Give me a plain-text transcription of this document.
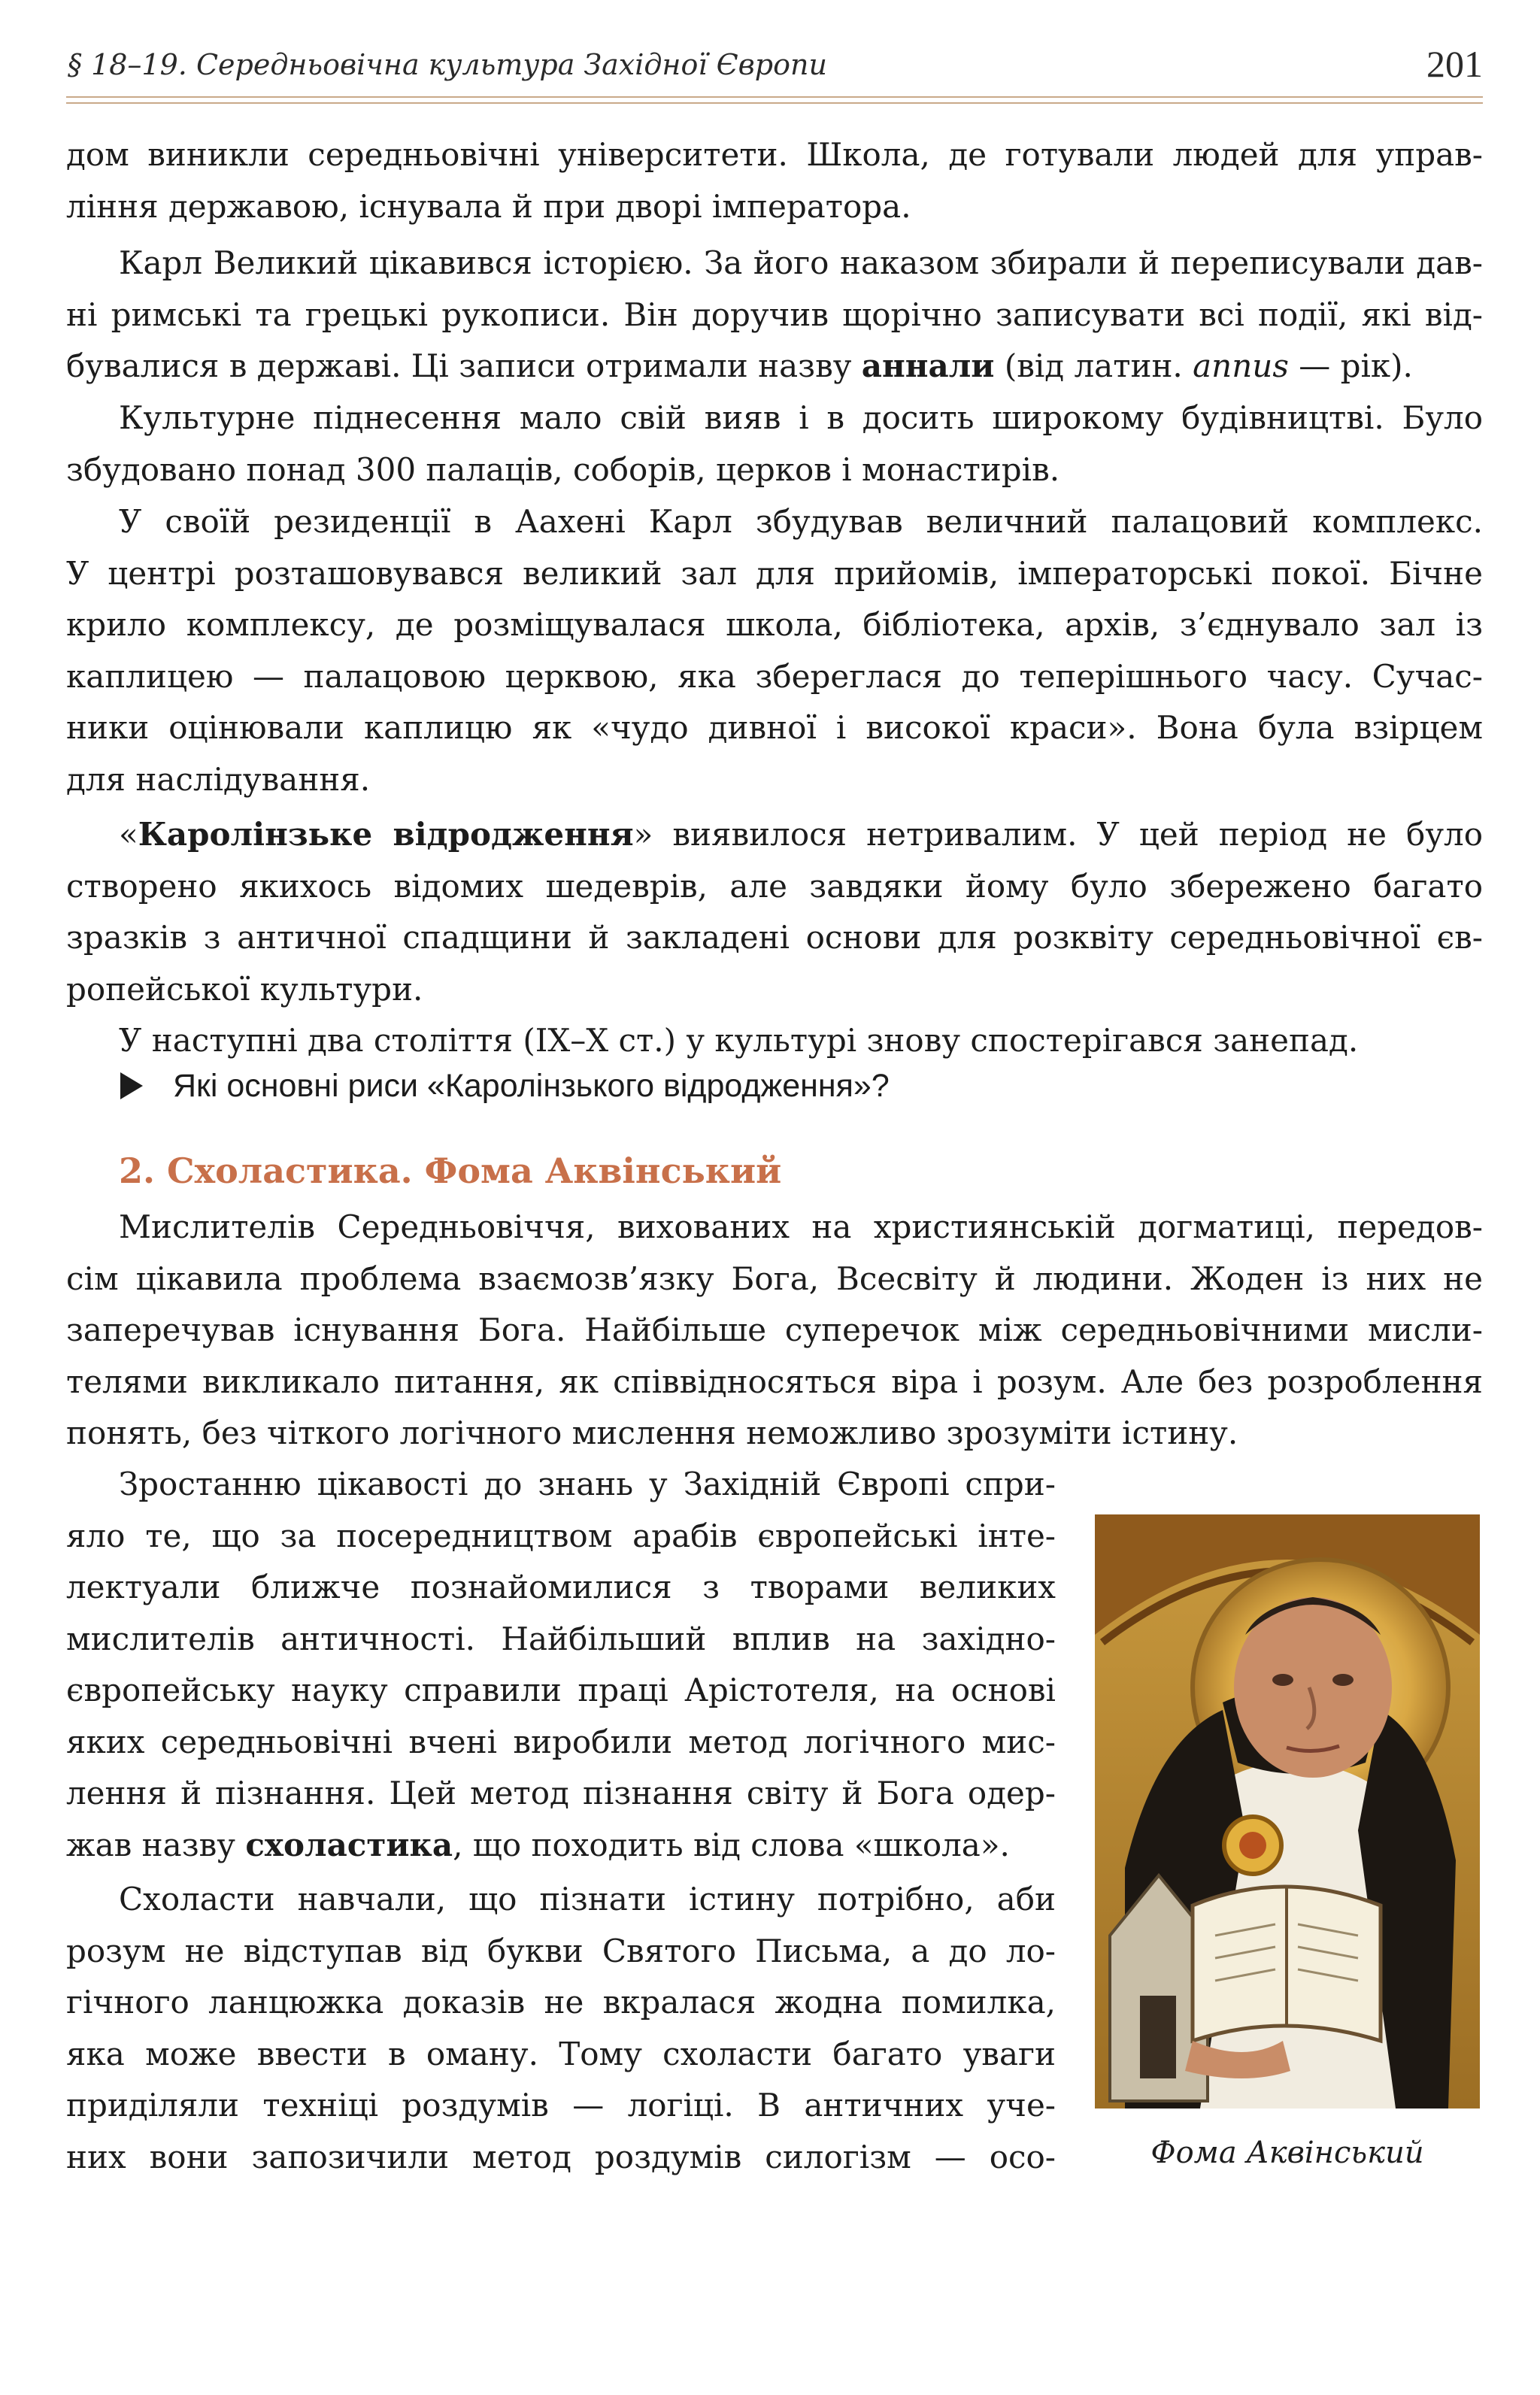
§ 18–19. Середньовічна культура Західної Європи	201
дом виникли середньовічні університети. Школа, де готували людей для управ-
ління державою, існувала й при дворі імператора.
Карл Великий цікавився історією. За його наказом збирали й переписували дав-
ні римські та грецькі рукописи. Він доручив щорічно записувати всі події, які від-
бувалися в державі. Ці записи отримали назву аннали (від латин. annus — рік).
Культурне піднесення мало свій вияв і в досить широкому будівництві. Було
збудовано понад 300 палаців, соборів, церков і монастирів.
У своїй резиденції в Аахені Карл збудував величний палацовий комплекс.
У центрі розташовувався великий зал для прийомів, імператорські покої. Бічне
крило комплексу, де розміщувалася школа, бібліотека, архів, з’єднувало зал із
каплицею — палацовою церквою, яка збереглася до теперішнього часу. Сучас-
ники оцінювали каплицю як «чудо дивної і високої краси». Вона була взірцем
для наслідування.
«Каролінзьке відродження» виявилося нетривалим. У цей період не було
створено якихось відомих шедеврів, але завдяки йому було збережено багато
зразків з античної спадщини й закладені основи для розквіту середньовічної єв-
ропейської культури.
У наступні два століття (IX–X ст.) у культурі знову спостерігався занепад.
Які основні риси «Каролінзького відродження»?
2. Схоластика. Фома Аквінський
Мислителів Середньовіччя, вихованих на християнській догматиці, передов-
сім цікавила проблема взаємозв’язку Бога, Всесвіту й людини. Жоден із них не
заперечував існування Бога. Найбільше суперечок між середньовічними мисли-
телями викликало питання, як співвідносяться віра і розум. Але без розроблення
понять, без чіткого логічного мислення неможливо зрозуміти істину.
Зростанню цікавості до знань у Західній Європі спри-
яло те, що за посередництвом арабів європейські інте-
лектуали ближче познайомилися з творами великих
мислителів античності. Найбільший вплив на західно-
європейську науку справили праці Арістотеля, на основі
яких середньовічні вчені виробили метод логічного мис-
лення й пізнання. Цей метод пізнання світу й Бога одер-
жав назву схоластика, що походить від слова «школа».
Схоласти навчали, що пізнати істину потрібно, аби
розум не відступав від букви Святого Письма, а до ло-
гічного ланцюжка доказів не вкралася жодна помилка,
яка може ввести в оману. Тому схоласти багато уваги
приділяли техніці роздумів — логіці. В античних уче-
них вони запозичили метод роздумів силогізм — осо-	Фома Аквінський
